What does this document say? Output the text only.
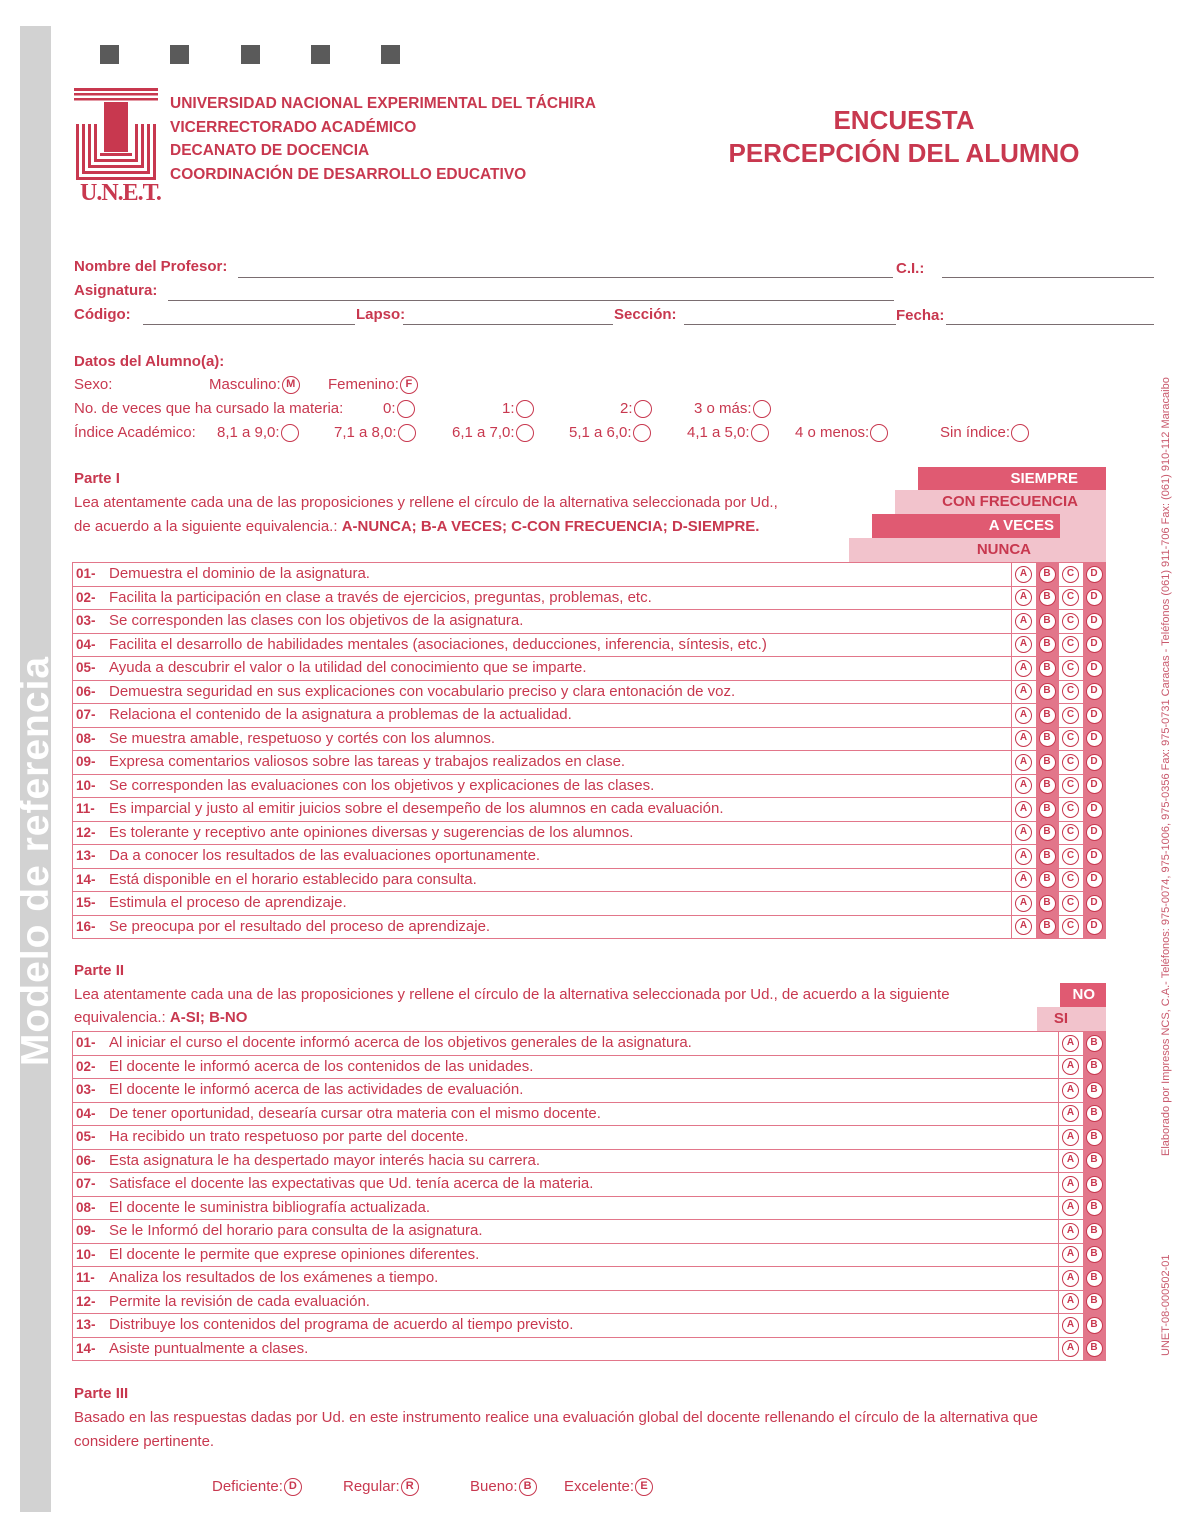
Modelo de referencia
U.N.E.T.
UNIVERSIDAD NACIONAL EXPERIMENTAL DEL TÁCHIRA
VICERRECTORADO ACADÉMICO
DECANATO DE DOCENCIA
COORDINACIÓN DE DESARROLLO EDUCATIVO
ENCUESTA
PERCEPCIÓN DEL ALUMNO
Nombre del Profesor:	C.I.:
Asignatura:
Código:	Lapso:	Sección:	Fecha:
Datos del Alumno(a):
Sexo:	Masculino: M Femenino: F
No. de veces que ha cursado la materia:	0:	1:	2:	3 o más:
Índice Académico: 8,1 a 9,0:	7,1 a 8,0:	6,1 a 7,0:	5,1 a 6,0:	4,1 a 5,0:	4 o menos:	Sin índice:
Parte I
Lea atentamente cada una de las proposiciones y rellene el círculo de la alternativa seleccionada por Ud.,
de acuerdo a la siguiente equivalencia.: A-NUNCA; B-A VECES; C-CON FRECUENCIA; D-SIEMPRE.
SIEMPRE
CON FRECUENCIA
A VECES
NUNCA
01- Demuestra el dominio de la asignatura.	A	B	C	D
02- Facilita la participación en clase a través de ejercicios, preguntas, problemas, etc.	A	B	C	D
03- Se corresponden las clases con los objetivos de la asignatura.	A	B	C	D
04- Facilita el desarrollo de habilidades mentales (asociaciones, deducciones, inferencia, síntesis, etc.)	A	B	C	D
05- Ayuda a descubrir el valor o la utilidad del conocimiento que se imparte.	A	B	C	D
06- Demuestra seguridad en sus explicaciones con vocabulario preciso y clara entonación de voz.	A	B	C	D
07- Relaciona el contenido de la asignatura a problemas de la actualidad.	A	B	C	D
08- Se muestra amable, respetuoso y cortés con los alumnos.	A	B	C	D
09- Expresa comentarios valiosos sobre las tareas y trabajos realizados en clase.	A	B	C	D
10- Se corresponden las evaluaciones con los objetivos y explicaciones de las clases.	A	B	C	D
11- Es imparcial y justo al emitir juicios sobre el desempeño de los alumnos en cada evaluación.	A	B	C	D
12- Es tolerante y receptivo ante opiniones diversas y sugerencias de los alumnos.	A	B	C	D
13- Da a conocer los resultados de las evaluaciones oportunamente.	A	B	C	D
14- Está disponible en el horario establecido para consulta.	A	B	C	D
15- Estimula el proceso de aprendizaje.	A	B	C	D
16- Se preocupa por el resultado del proceso de aprendizaje.	A	B	C	D
Parte II
Lea atentamente cada una de las proposiciones y rellene el círculo de la alternativa seleccionada por Ud., de acuerdo a la siguiente
equivalencia.: A-SI; B-NO
NO
SI
01- Al iniciar el curso el docente informó acerca de los objetivos generales de la asignatura.	A	B
02- El docente le informó acerca de los contenidos de las unidades.	A	B
03- El docente le informó acerca de las actividades de evaluación.	A	B
04- De tener oportunidad, desearía cursar otra materia con el mismo docente.	A	B
05- Ha recibido un trato respetuoso por parte del docente.	A	B
06- Esta asignatura le ha despertado mayor interés hacia su carrera.	A	B
07- Satisface el docente las expectativas que Ud. tenía acerca de la materia.	A	B
08- El docente le suministra bibliografía actualizada.	A	B
09- Se le Informó del horario para consulta de la asignatura.	A	B
10- El docente le permite que exprese opiniones diferentes.	A	B
11- Analiza los resultados de los exámenes a tiempo.	A	B
12- Permite la revisión de cada evaluación.	A	B
13- Distribuye los contenidos del programa de acuerdo al tiempo previsto.	A	B
14- Asiste puntualmente a clases.	A	B
Parte III
Basado en las respuestas dadas por Ud. en este instrumento realice una evaluación global del docente rellenando el círculo de la alternativa que
considere pertinente.
Deficiente: D	Regular: R	Bueno: B	Excelente: E
Elaborado por Impresos NCS, C.A.- Teléfonos: 975-0074, 975-1006, 975-0356 Fax: 975-0731 Caracas - Teléfonos (061) 911-706 Fax: (061) 910-112 Maracaibo
UNET-08-000502-01
